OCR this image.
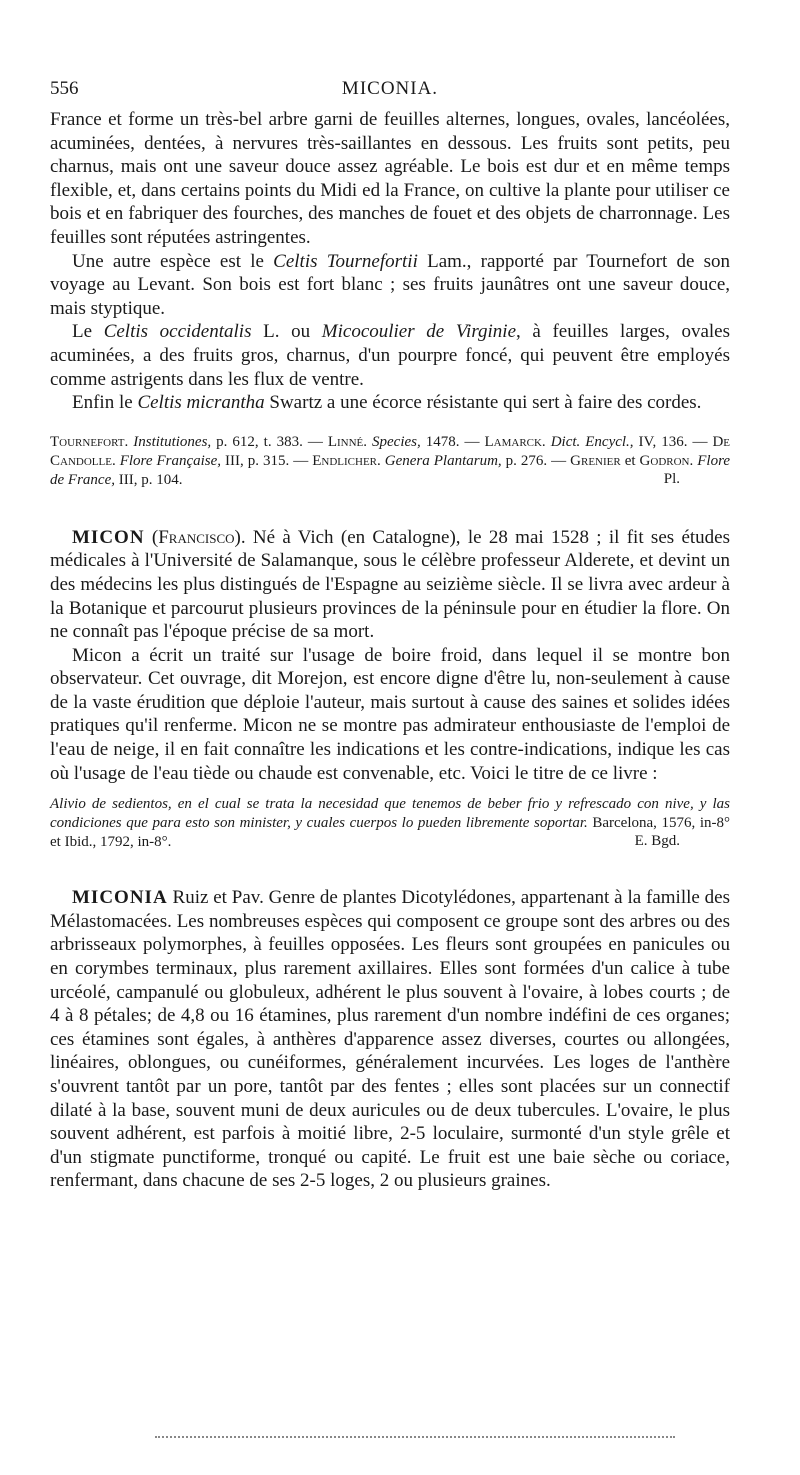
556	MICONIA.

France et forme un très-bel arbre garni de feuilles alternes, longues, ovales, lancéolées, acuminées, dentées, à nervures très-saillantes en dessous. Les fruits sont petits, peu charnus, mais ont une saveur douce assez agréable. Le bois est dur et en même temps flexible, et, dans certains points du Midi ed la France, on cultive la plante pour utiliser ce bois et en fabriquer des fourches, des manches de fouet et des objets de charronnage. Les feuilles sont réputées astringentes.

Une autre espèce est le Celtis Tournefortii Lam., rapporté par Tournefort de son voyage au Levant. Son bois est fort blanc ; ses fruits jaunâtres ont une saveur douce, mais styptique.

Le Celtis occidentalis L. ou Micocoulier de Virginie, à feuilles larges, ovales acuminées, a des fruits gros, charnus, d'un pourpre foncé, qui peuvent être employés comme astrigents dans les flux de ventre.

Enfin le Celtis micrantha Swartz a une écorce résistante qui sert à faire des cordes.

Tournefort. Institutiones, p. 612, t. 383. — Linné. Species, 1478. — Lamarck. Dict. Encycl., IV, 136. — De Candolle. Flore Française, III, p. 315. — Endlicher. Genera Plantarum, p. 276. — Grenier et Godron. Flore de France, III, p. 104.	Pl.

MICON (Francisco). Né à Vich (en Catalogne), le 28 mai 1528 ; il fit ses études médicales à l'Université de Salamanque, sous le célèbre professeur Alderete, et devint un des médecins les plus distingués de l'Espagne au seizième siècle. Il se livra avec ardeur à la Botanique et parcourut plusieurs provinces de la péninsule pour en étudier la flore. On ne connaît pas l'époque précise de sa mort.

Micon a écrit un traité sur l'usage de boire froid, dans lequel il se montre bon observateur. Cet ouvrage, dit Morejon, est encore digne d'être lu, non-seulement à cause de la vaste érudition que déploie l'auteur, mais surtout à cause des saines et solides idées pratiques qu'il renferme. Micon ne se montre pas admirateur enthousiaste de l'emploi de l'eau de neige, il en fait connaître les indications et les contre-indications, indique les cas où l'usage de l'eau tiède ou chaude est convenable, etc. Voici le titre de ce livre :

Alivio de sedientos, en el cual se trata la necesidad que tenemos de beber frio y refrescado con nive, y las condiciones que para esto son minister, y cuales cuerpos lo pueden libremente soportar. Barcelona, 1576, in-8° et Ibid., 1792, in-8°.	E. Bgd.

MICONIA Ruiz et Pav. Genre de plantes Dicotylédones, appartenant à la famille des Mélastomacées. Les nombreuses espèces qui composent ce groupe sont des arbres ou des arbrisseaux polymorphes, à feuilles opposées. Les fleurs sont groupées en panicules ou en corymbes terminaux, plus rarement axillaires. Elles sont formées d'un calice à tube urcéolé, campanulé ou globuleux, adhérent le plus souvent à l'ovaire, à lobes courts ; de 4 à 8 pétales; de 4,8 ou 16 étamines, plus rarement d'un nombre indéfini de ces organes; ces étamines sont égales, à anthères d'apparence assez diverses, courtes ou allongées, linéaires, oblongues, ou cunéiformes, généralement incurvées. Les loges de l'anthère s'ouvrent tantôt par un pore, tantôt par des fentes ; elles sont placées sur un connectif dilaté à la base, souvent muni de deux auricules ou de deux tubercules. L'ovaire, le plus souvent adhérent, est parfois à moitié libre, 2-5 loculaire, surmonté d'un style grêle et d'un stigmate punctiforme, tronqué ou capité. Le fruit est une baie sèche ou coriace, renfermant, dans chacune de ses 2-5 loges, 2 ou plusieurs graines.
